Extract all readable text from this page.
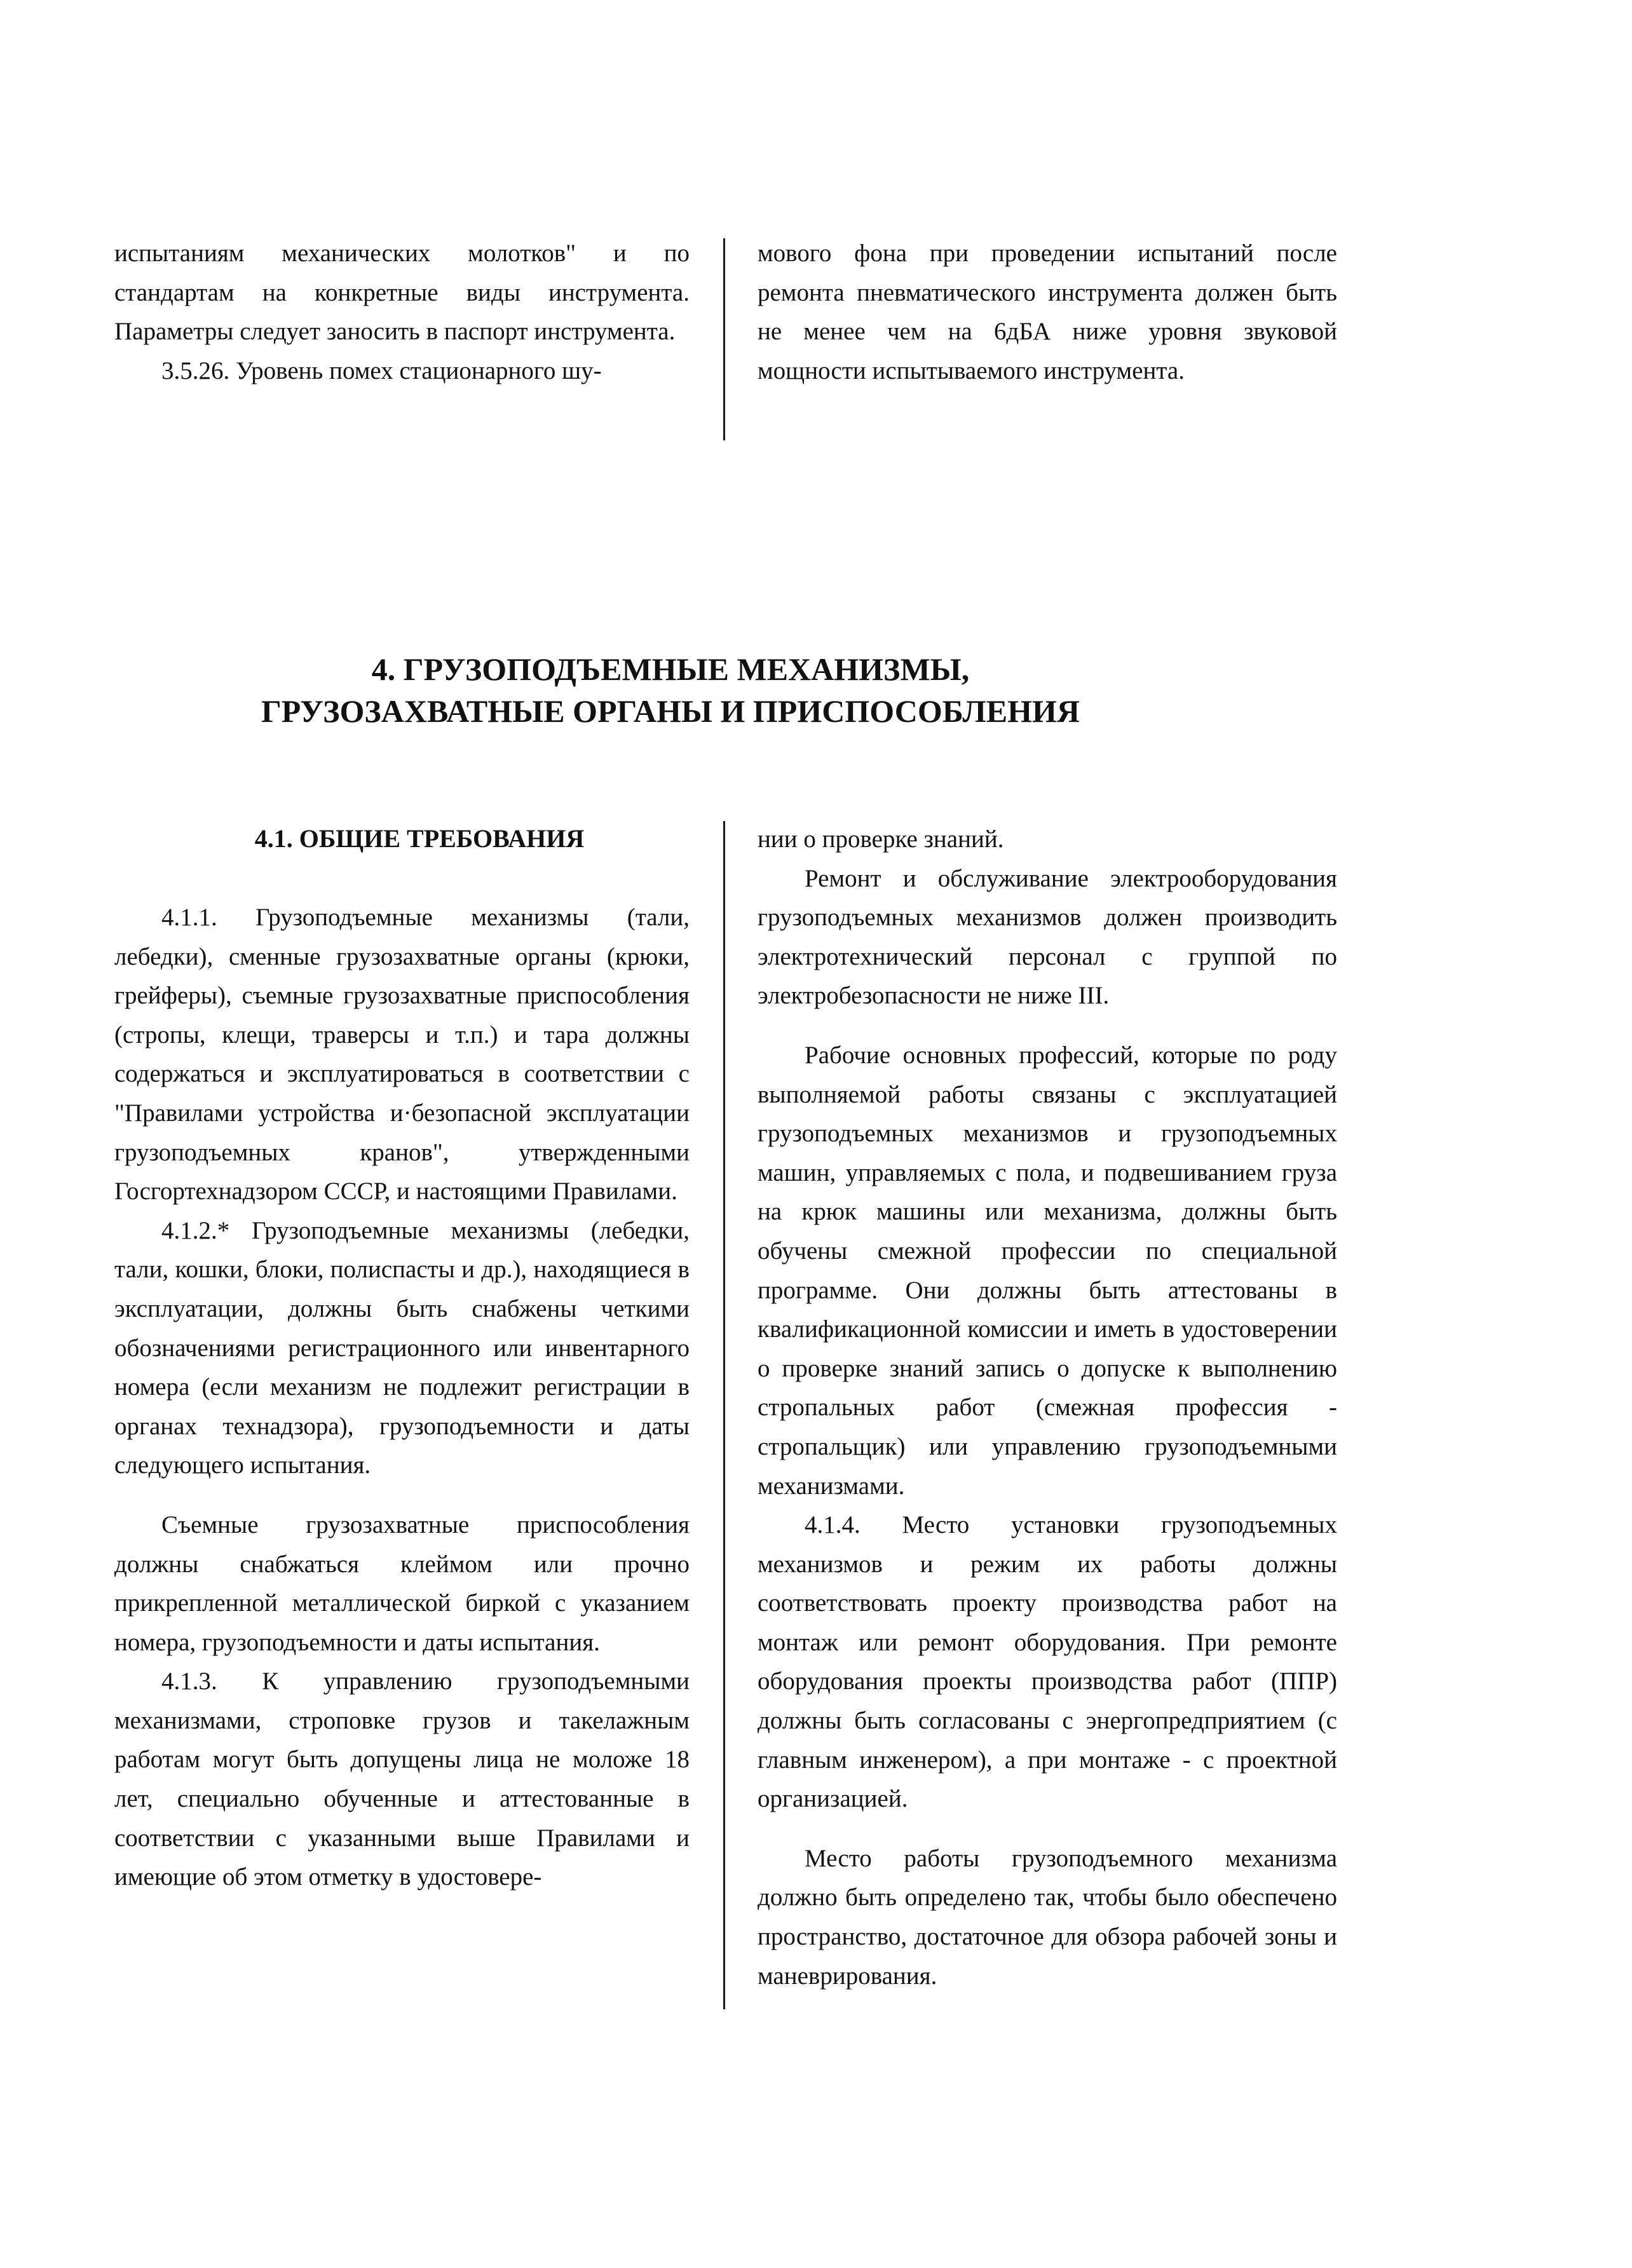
испытаниям механических молотков" и по стандартам на конкретные виды инструмента. Параметры следует заносить в паспорт инструмента.

3.5.26. Уровень помех стационарного шу-

мового фона при проведении испытаний после ремонта пневматического инструмента должен быть не менее чем на 6дБА ниже уровня звуковой мощности испытываемого инструмента.

4. ГРУЗОПОДЪЕМНЫЕ МЕХАНИЗМЫ,
ГРУЗОЗАХВАТНЫЕ ОРГАНЫ И ПРИСПОСОБЛЕНИЯ
4.1. ОБЩИЕ ТРЕБОВАНИЯ

4.1.1. Грузоподъемные механизмы (тали, лебедки), сменные грузозахватные органы (крюки, грейферы), съемные грузозахватные приспособления (стропы, клещи, траверсы и т.п.) и тара должны содержаться и эксплуатироваться в соответствии с "Правилами устройства и·безопасной эксплуатации грузоподъемных кранов", утвержденными Госгортехнадзором СССР, и настоящими Правилами.

4.1.2.* Грузоподъемные механизмы (лебедки, тали, кошки, блоки, полиспасты и др.), находящиеся в эксплуатации, должны быть снабжены четкими обозначениями регистрационного или инвентарного номера (если механизм не подлежит регистрации в органах технадзора), грузоподъемности и даты следующего испытания.

Съемные грузозахватные приспособления должны снабжаться клеймом или прочно прикрепленной металлической биркой с указанием номера, грузоподъемности и даты испытания.

4.1.3. К управлению грузоподъемными механизмами, строповке грузов и такелажным работам могут быть допущены лица не моложе 18 лет, специально обученные и аттестованные в соответствии с указанными выше Правилами и имеющие об этом отметку в удостовере-

нии о проверке знаний.

Ремонт и обслуживание электрооборудования грузоподъемных механизмов должен производить электротехнический персонал с группой по электробезопасности не ниже III.

Рабочие основных профессий, которые по роду выполняемой работы связаны с эксплуатацией грузоподъемных механизмов и грузоподъемных машин, управляемых с пола, и подвешиванием груза на крюк машины или механизма, должны быть обучены смежной профессии по специальной программе. Они должны быть аттестованы в квалификационной комиссии и иметь в удостоверении о проверке знаний запись о допуске к выполнению стропальных работ (смежная профессия - стропальщик) или управлению грузоподъемными механизмами.

4.1.4. Место установки грузоподъемных механизмов и режим их работы должны соответствовать проекту производства работ на монтаж или ремонт оборудования. При ремонте оборудования проекты производства работ (ППР) должны быть согласованы с энергопредприятием (с главным инженером), а при монтаже - с проектной организацией.

Место работы грузоподъемного механизма должно быть определено так, чтобы было обеспечено пространство, достаточное для обзора рабочей зоны и маневрирования.
